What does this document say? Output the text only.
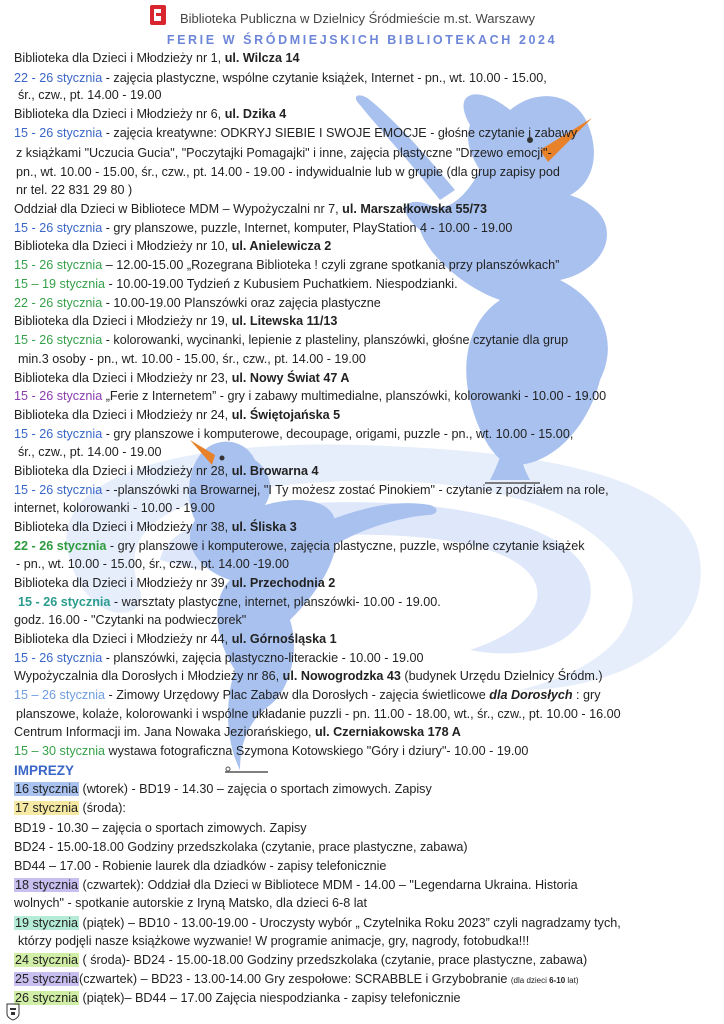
Biblioteka Publiczna w Dzielnicy Śródmieście m.st. Warszawy
FERIE W ŚRÓDMIEJSKICH BIBLIOTEKACH 2024
Biblioteka dla Dzieci i Młodzieży nr 1, ul. Wilcza 14
22 - 26 stycznia - zajęcia plastyczne, wspólne czytanie książek, Internet - pn., wt. 10.00 - 15.00,
śr., czw., pt. 14.00 - 19.00
Biblioteka dla Dzieci i Młodzieży nr 6, ul. Dzika 4
15 - 26 stycznia - zajęcia kreatywne: ODKRYJ SIEBIE I SWOJE EMOCJE - głośne czytanie i zabawy
z książkami "Uczucia Gucia", "Poczytajki Pomagajki" i inne, zajęcia plastyczne "Drzewo emocji"-
pn., wt. 10.00 - 15.00, śr., czw., pt. 14.00 - 19.00 - indywidualnie lub w grupie (dla grup zapisy pod
nr tel. 22 831 29 80 )
Oddział dla Dzieci w Bibliotece MDM – Wypożyczalni nr 7, ul. Marszałkowska 55/73
15 - 26 stycznia - gry planszowe, puzzle, Internet, komputer, PlayStation 4 - 10.00 - 19.00
Biblioteka dla Dzieci i Młodzieży nr 10, ul. Anielewicza 2
15 - 26 stycznia – 12.00-15.00 „Rozegrana Biblioteka ! czyli zgrane spotkania przy planszówkach”
15 – 19 stycznia - 10.00-19.00 Tydzień z Kubusiem Puchatkiem. Niespodzianki.
22 - 26 stycznia - 10.00-19.00 Planszówki oraz zajęcia plastyczne
Biblioteka dla Dzieci i Młodzieży nr 19, ul. Litewska 11/13
15 - 26 stycznia - kolorowanki, wycinanki, lepienie z plasteliny, planszówki, głośne czytanie dla grup
min.3 osoby - pn., wt. 10.00 - 15.00, śr., czw., pt. 14.00 - 19.00
Biblioteka dla Dzieci i Młodzieży nr 23, ul. Nowy Świat 47 A
15 - 26 stycznia „Ferie z Internetem” - gry i zabawy multimedialne, planszówki, kolorowanki - 10.00 - 19.00
Biblioteka dla Dzieci i Młodzieży nr 24, ul. Świętojańska 5
15 - 26 stycznia - gry planszowe i komputerowe, decoupage, origami, puzzle - pn., wt. 10.00 - 15.00,
śr., czw., pt. 14.00 - 19.00
Biblioteka dla Dzieci i Młodzieży nr 28, ul. Browarna 4
15 - 26 stycznia - -planszówki na Browarnej, "I Ty możesz zostać Pinokiem" - czytanie z podziałem na role,
internet, kolorowanki - 10.00 - 19.00
Biblioteka dla Dzieci i Młodzieży nr 38, ul. Śliska 3
22 - 26 stycznia - gry planszowe i komputerowe, zajęcia plastyczne, puzzle, wspólne czytanie książek
- pn., wt. 10.00 - 15.00, śr., czw., pt. 14.00 -19.00
Biblioteka dla Dzieci i Młodzieży nr 39, ul. Przechodnia 2
15 - 26 stycznia - warsztaty plastyczne, internet, planszówki- 10.00 - 19.00.
godz. 16.00 - "Czytanki na podwieczorek"
Biblioteka dla Dzieci i Młodzieży nr 44, ul. Górnośląska 1
15 - 26 stycznia - planszówki, zajęcia plastyczno-literackie - 10.00 - 19.00
Wypożyczalnia dla Dorosłych i Młodzieży nr 86, ul. Nowogrodzka 43 (budynek Urzędu Dzielnicy Śródm.)
15 – 26 stycznia - Zimowy Urzędowy Plac Zabaw dla Dorosłych - zajęcia świetlicowe dla Dorosłych : gry
planszowe, kolaże, kolorowanki i wspólne układanie puzzli - pn. 11.00 - 18.00, wt., śr., czw., pt. 10.00 - 16.00
Centrum Informacji im. Jana Nowaka Jeziorańskiego, ul. Czerniakowska 178 A
15 – 30 stycznia wystawa fotograficzna Szymona Kotowskiego "Góry i dziury"- 10.00 - 19.00
IMPREZY
16 stycznia (wtorek) - BD19 - 14.30 – zajęcia o sportach zimowych. Zapisy
17 stycznia (środa):
BD19 - 10.30 – zajęcia o sportach zimowych. Zapisy
BD24 - 15.00-18.00 Godziny przedszkolaka (czytanie, prace plastyczne, zabawa)
BD44 – 17.00 - Robienie laurek dla dziadków - zapisy telefonicznie
18 stycznia (czwartek): Oddział dla Dzieci w Bibliotece MDM - 14.00 – "Legendarna Ukraina. Historia
wolnych" - spotkanie autorskie z Iryną Matsko, dla dzieci 6-8 lat
19 stycznia (piątek) – BD10 - 13.00-19.00 - Uroczysty wybór „ Czytelnika Roku 2023” czyli nagradzamy tych,
którzy podjęli nasze książkowe wyzwanie! W programie animacje, gry, nagrody, fotobudka!!!
24 stycznia ( środa)- BD24 - 15.00-18.00 Godziny przedszkolaka (czytanie, prace plastyczne, zabawa)
25 stycznia(czwartek) – BD23 - 13.00-14.00 Gry zespołowe: SCRABBLE i Grzybobranie (dla dzieci 6-10 lat)
26 stycznia (piątek)– BD44 – 17.00 Zajęcia niespodzianka - zapisy telefonicznie
